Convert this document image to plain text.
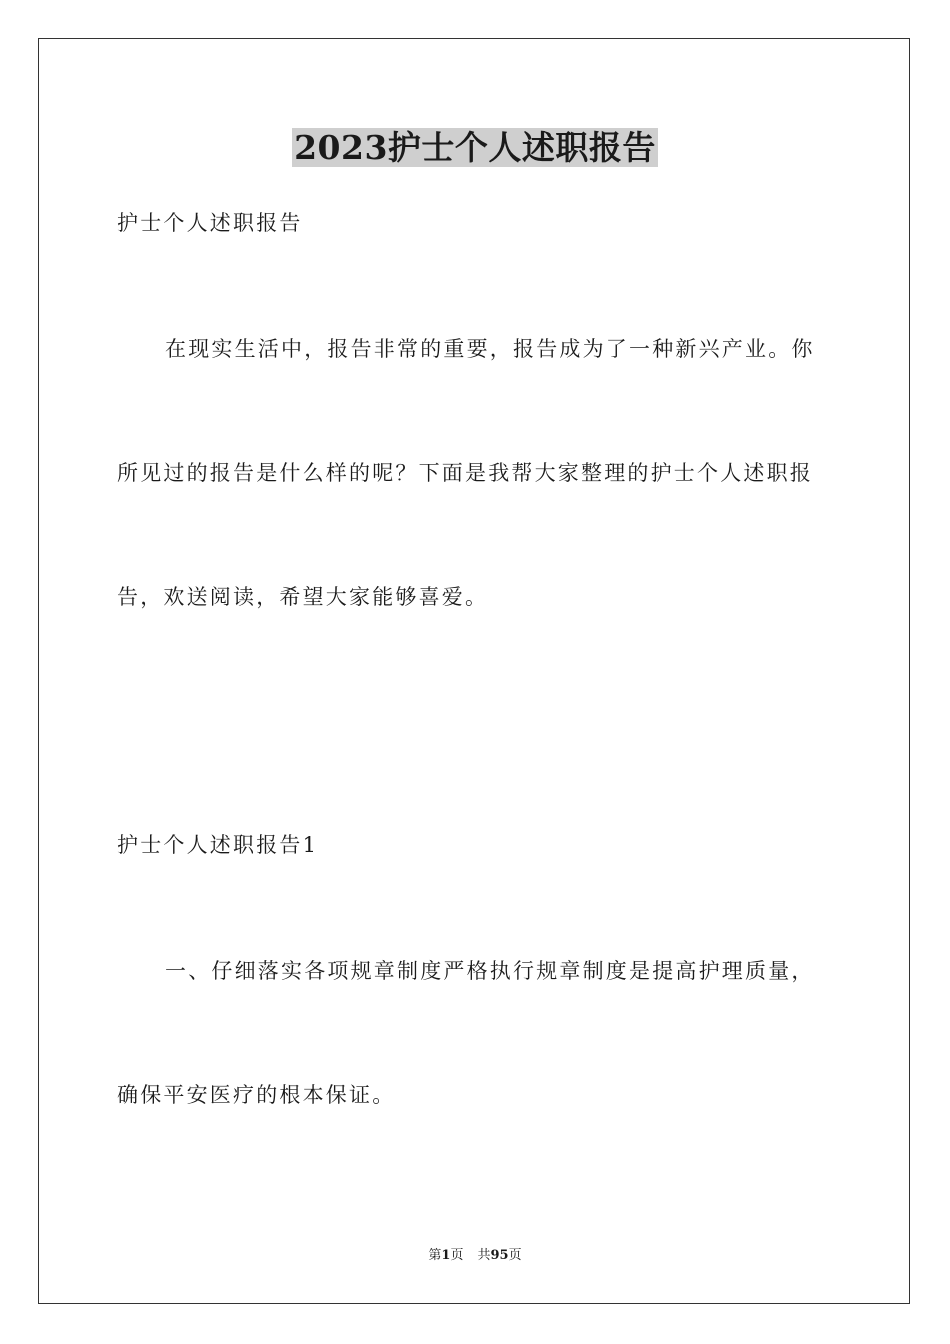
2023护士个人述职报告
护士个人述职报告
在现实生活中，报告非常的重要，报告成为了一种新兴产业。你
所见过的报告是什么样的呢？下面是我帮大家整理的护士个人述职报
告，欢送阅读，希望大家能够喜爱。
护士个人述职报告1
一、仔细落实各项规章制度严格执行规章制度是提高护理质量，
确保平安医疗的根本保证。
第1页 共95页
